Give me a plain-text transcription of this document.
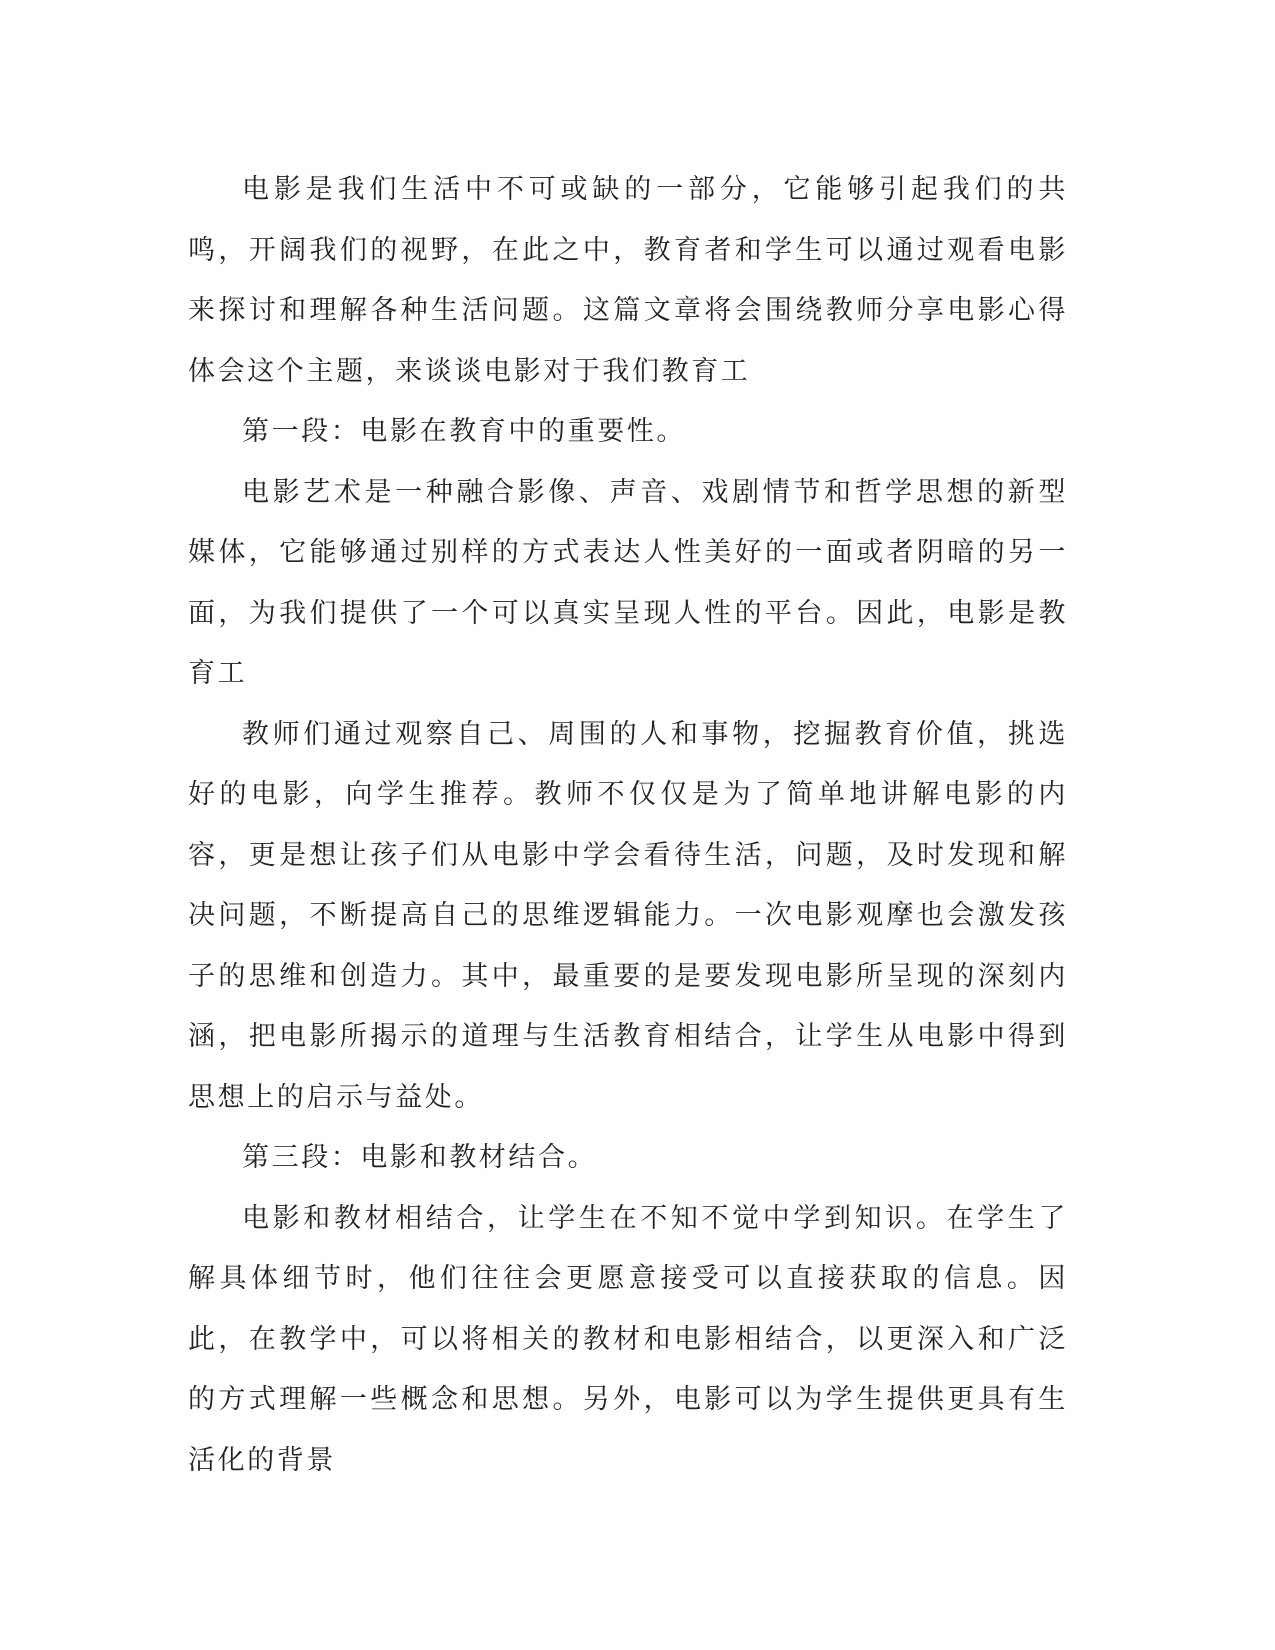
电影是我们生活中不可或缺的一部分，它能够引起我们的共鸣，开阔我们的视野，在此之中，教育者和学生可以通过观看电影来探讨和理解各种生活问题。这篇文章将会围绕教师分享电影心得体会这个主题，来谈谈电影对于我们教育工

第一段：电影在教育中的重要性。

电影艺术是一种融合影像、声音、戏剧情节和哲学思想的新型媒体，它能够通过别样的方式表达人性美好的一面或者阴暗的另一面，为我们提供了一个可以真实呈现人性的平台。因此，电影是教育工

教师们通过观察自己、周围的人和事物，挖掘教育价值，挑选好的电影，向学生推荐。教师不仅仅是为了简单地讲解电影的内容，更是想让孩子们从电影中学会看待生活，问题，及时发现和解决问题，不断提高自己的思维逻辑能力。一次电影观摩也会激发孩子的思维和创造力。其中，最重要的是要发现电影所呈现的深刻内涵，把电影所揭示的道理与生活教育相结合，让学生从电影中得到思想上的启示与益处。

第三段：电影和教材结合。

电影和教材相结合，让学生在不知不觉中学到知识。在学生了解具体细节时，他们往往会更愿意接受可以直接获取的信息。因此，在教学中，可以将相关的教材和电影相结合，以更深入和广泛的方式理解一些概念和思想。另外，电影可以为学生提供更具有生活化的背景
